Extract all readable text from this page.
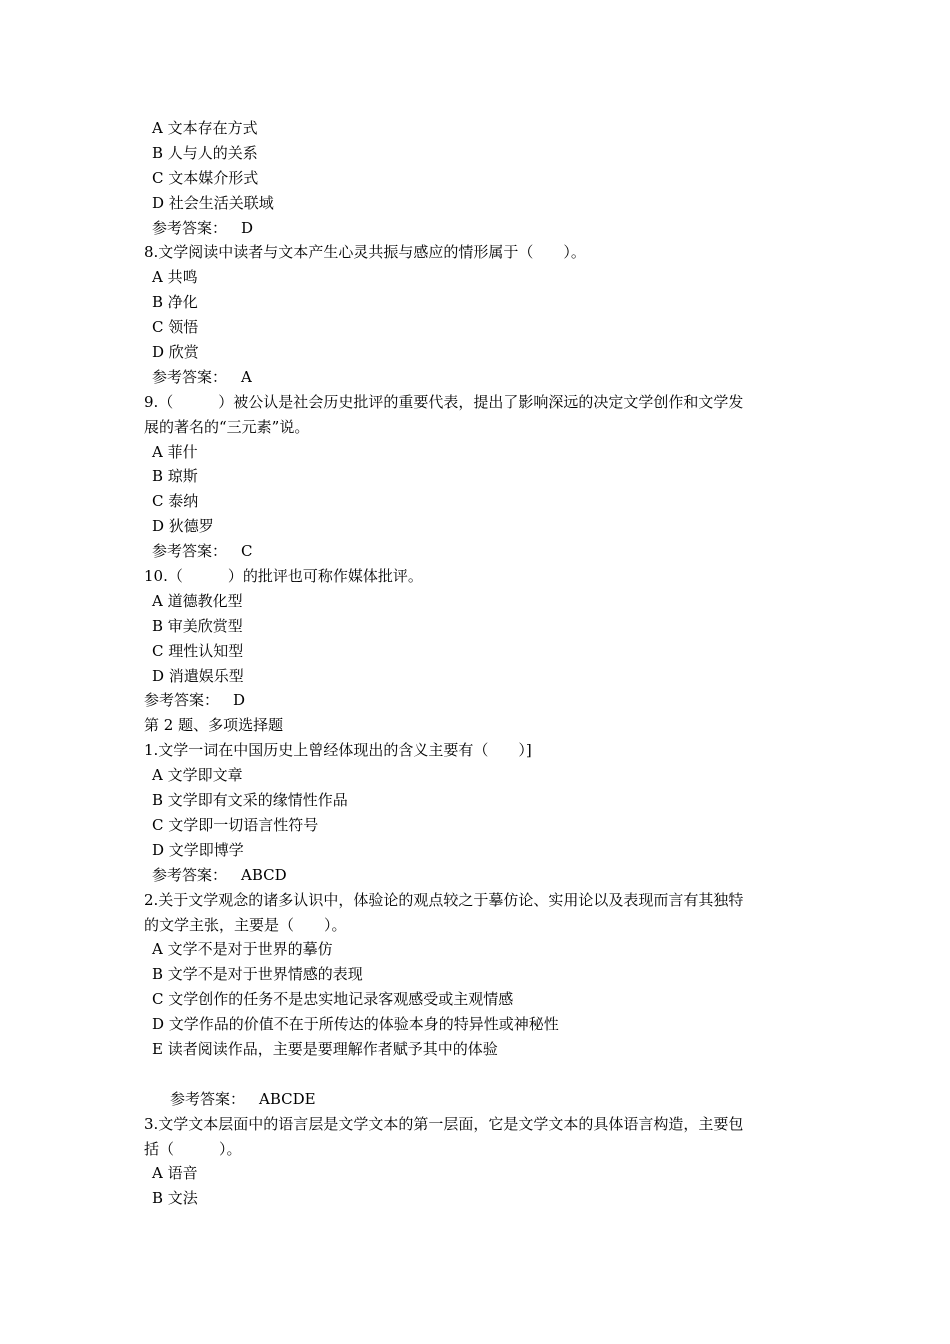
A 文本存在方式
B 人与人的关系
C 文本媒介形式
D 社会生活关联域
参考答案： D
8.文学阅读中读者与文本产生心灵共振与感应的情形属于（　　）。
A 共鸣
B 净化
C 领悟
D 欣赏
参考答案： A
9.（　　　）被公认是社会历史批评的重要代表，提出了影响深远的决定文学创作和文学发
展的著名的“三元素”说。
A 菲什
B 琼斯
C 泰纳
D 狄德罗
参考答案： C
10.（　　　）的批评也可称作媒体批评。
A 道德教化型
B 审美欣赏型
C 理性认知型
D 消遣娱乐型
参考答案： D
第 2 题、多项选择题
1.文学一词在中国历史上曾经体现出的含义主要有（　　）]
A 文学即文章
B 文学即有文采的缘情性作品
C 文学即一切语言性符号
D 文学即博学
参考答案： ABCD
2.关于文学观念的诸多认识中，体验论的观点较之于摹仿论、实用论以及表现而言有其独特
的文学主张，主要是（　　）。
A 文学不是对于世界的摹仿
B 文学不是对于世界情感的表现
C 文学创作的任务不是忠实地记录客观感受或主观情感
D 文学作品的价值不在于所传达的体验本身的特异性或神秘性
E 读者阅读作品，主要是要理解作者赋予其中的体验
参考答案： ABCDE
3.文学文本层面中的语言层是文学文本的第一层面，它是文学文本的具体语言构造，主要包
括（　　　）。
A 语音
B 文法
